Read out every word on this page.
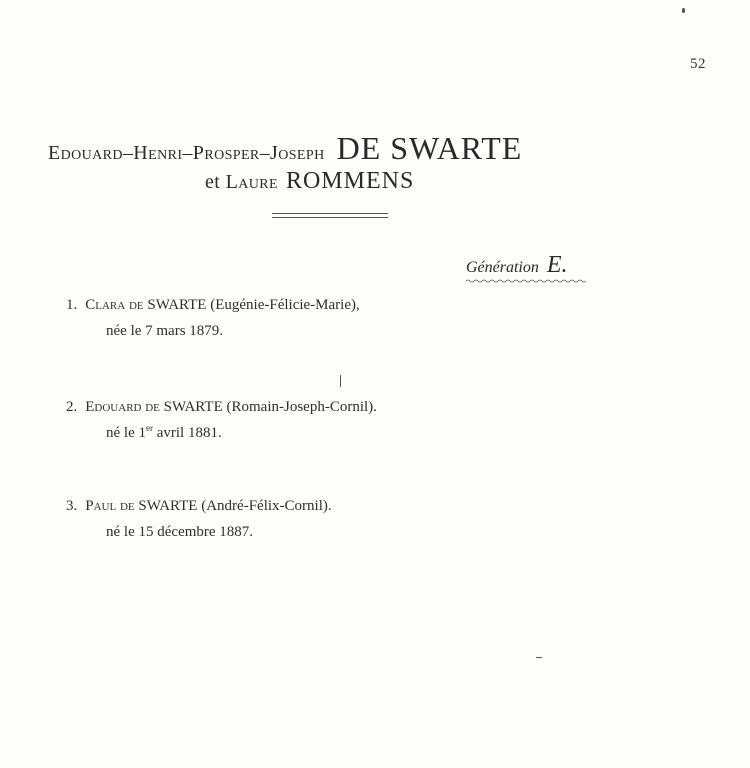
52
Edouard–Henri–Prosper–Joseph DE SWARTE
et Laure ROMMENS
Génération E.
1. Clara de SWARTE (Eugénie-Félicie-Marie),
née le 7 mars 1879.
2. Edouard de SWARTE (Romain-Joseph-Cornil).
né le 1er avril 1881.
3. Paul de SWARTE (André-Félix-Cornil).
né le 15 décembre 1887.
